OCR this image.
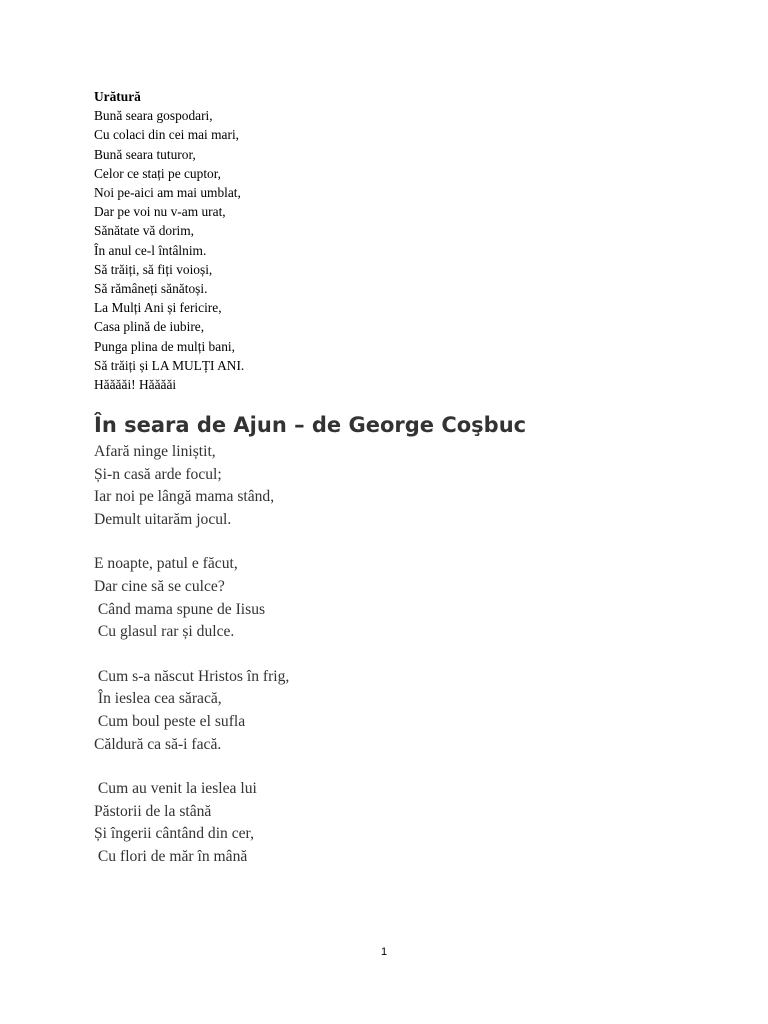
Urătură
Bună seara gospodari,
Cu colaci din cei mai mari,
Bună seara tuturor,
Celor ce stați pe cuptor,
Noi pe-aici am mai umblat,
Dar pe voi nu v-am urat,
Sănătate vă dorim,
În anul ce-l întâlnim.
Să trăiți, să fiți voioși,
Să rămâneți sănătoși.
La Mulți Ani și fericire,
Casa plină de iubire,
Punga plina de mulți bani,
Să trăiți și LA MULȚI ANI.
Hăăăăi! Hăăăăi
În seara de Ajun – de George Coşbuc
Afară ninge liniștit,
Și-n casă arde focul;
Iar noi pe lângă mama stând,
Demult uitarăm jocul.
E noapte, patul e făcut,
Dar cine să se culce?
Când mama spune de Iisus
Cu glasul rar și dulce.
Cum s-a născut Hristos în frig,
În ieslea cea săracă,
Cum boul peste el sufla
Căldură ca să-i facă.
Cum au venit la ieslea lui
Păstorii de la stână
Și îngerii cântând din cer,
Cu flori de măr în mână
1
